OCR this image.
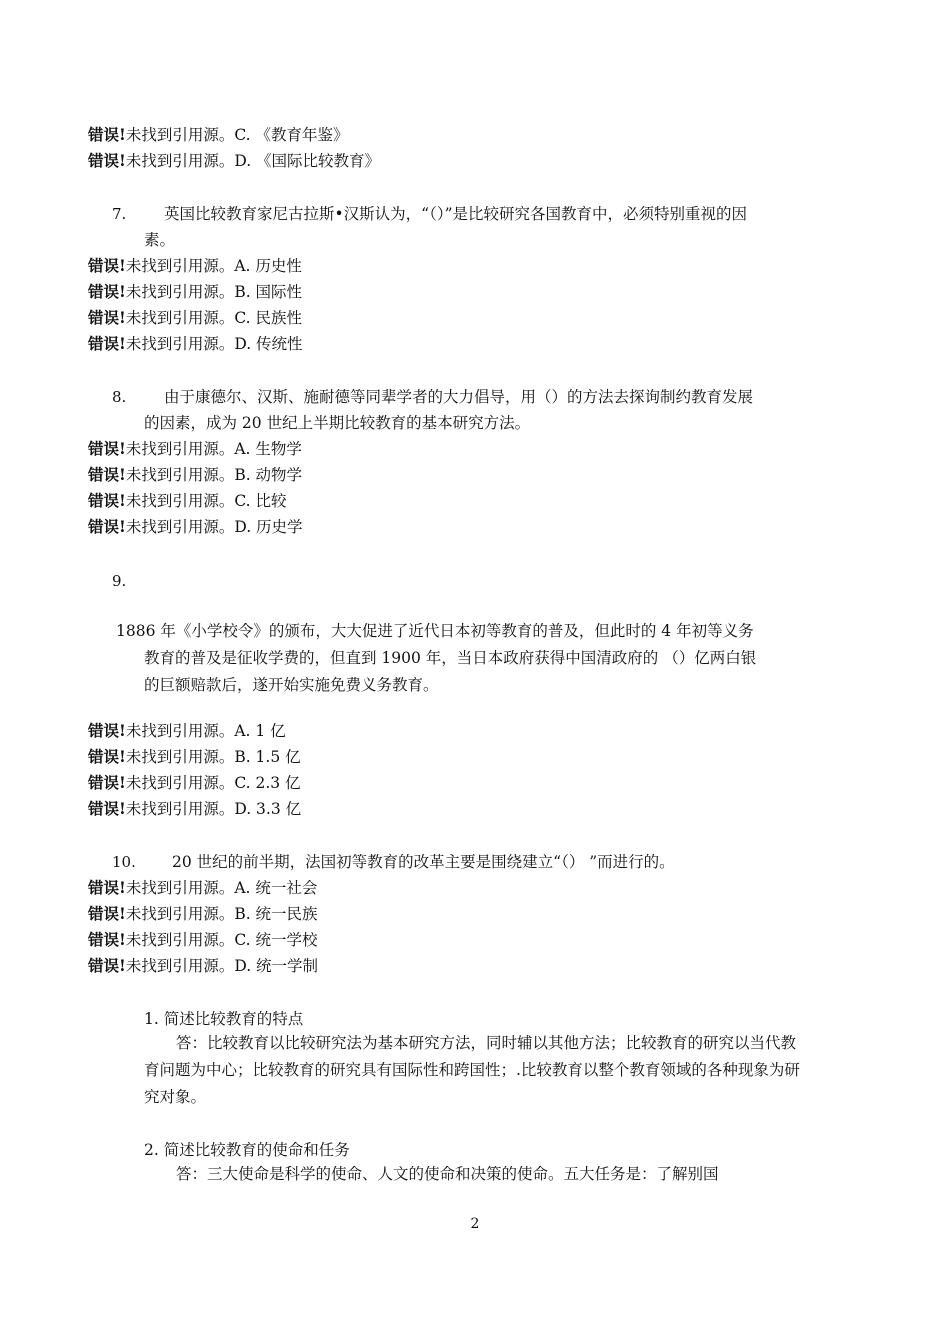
错误!未找到引用源。C. 《教育年鉴》
错误!未找到引用源。D. 《国际比较教育》
7. 英国比较教育家尼古拉斯•汉斯认为，“（）”是比较研究各国教育中，必须特别重视的因
素。
错误!未找到引用源。A. 历史性
错误!未找到引用源。B. 国际性
错误!未找到引用源。C. 民族性
错误!未找到引用源。D. 传统性
8. 由于康德尔、汉斯、施耐德等同辈学者的大力倡导，用（）的方法去探询制约教育发展
的因素，成为 20 世纪上半期比较教育的基本研究方法。
错误!未找到引用源。A. 生物学
错误!未找到引用源。B. 动物学
错误!未找到引用源。C. 比较
错误!未找到引用源。D. 历史学
9.
1886 年《小学校令》的颁布，大大促进了近代日本初等教育的普及，但此时的 4 年初等义务
教育的普及是征收学费的，但直到 1900 年，当日本政府获得中国清政府的 （）亿两白银
的巨额赔款后，遂开始实施免费义务教育。
错误!未找到引用源。A. 1 亿
错误!未找到引用源。B. 1.5 亿
错误!未找到引用源。C. 2.3 亿
错误!未找到引用源。D. 3.3 亿
10. 20 世纪的前半期，法国初等教育的改革主要是围绕建立“（） ”而进行的。
错误!未找到引用源。A. 统一社会
错误!未找到引用源。B. 统一民族
错误!未找到引用源。C. 统一学校
错误!未找到引用源。D. 统一学制
1. 简述比较教育的特点
答：比较教育以比较研究法为基本研究方法，同时辅以其他方法；比较教育的研究以当代教育问题为中心；比较教育的研究具有国际性和跨国性；.比较教育以整个教育领域的各种现象为研究对象。
2. 简述比较教育的使命和任务
答：三大使命是科学的使命、人文的使命和决策的使命。五大任务是：了解别国
2
